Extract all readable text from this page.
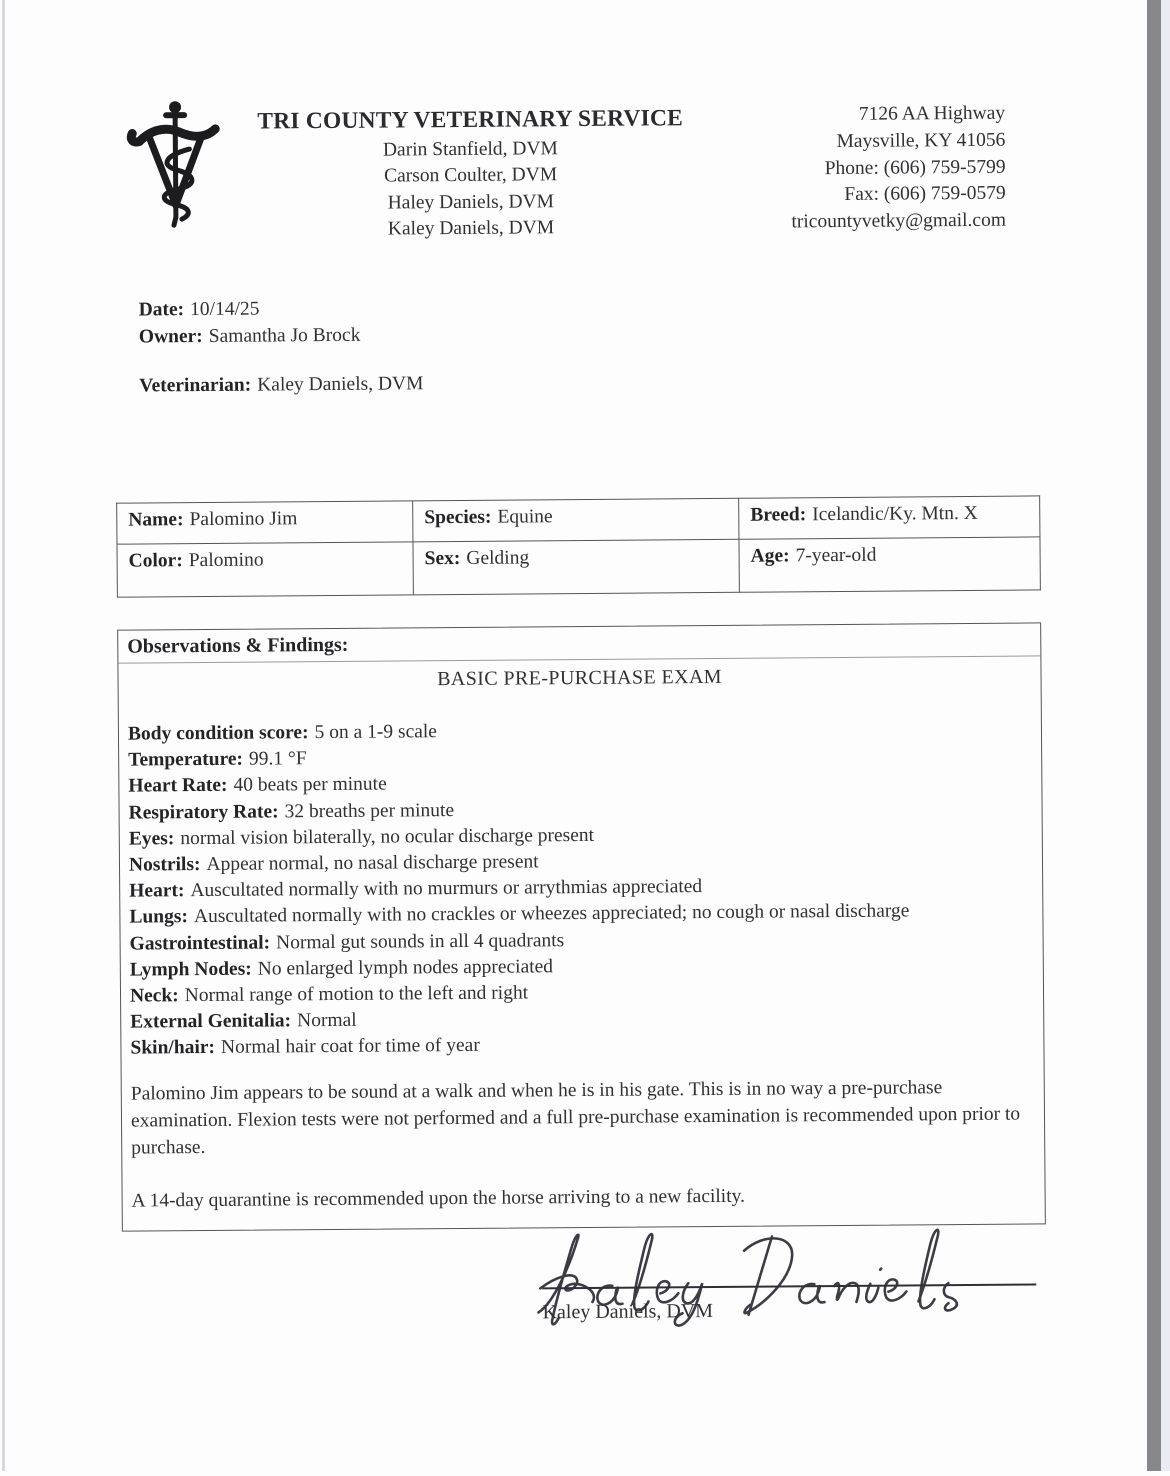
TRI COUNTY VETERINARY SERVICE
Darin Stanfield, DVM
Carson Coulter, DVM
Haley Daniels, DVM
Kaley Daniels, DVM
7126 AA Highway
Maysville, KY 41056
Phone: (606) 759-5799
Fax: (606) 759-0579
tricountyvetky@gmail.com
Date: 10/14/25
Owner: Samantha Jo Brock
Veterinarian: Kaley Daniels, DVM
Name: Palomino Jim	Species: Equine	Breed: Icelandic/Ky. Mtn. X
Color: Palomino	Sex: Gelding	Age: 7-year-old
Observations & Findings:
BASIC PRE-PURCHASE EXAM
Body condition score: 5 on a 1-9 scale
Temperature: 99.1 °F
Heart Rate: 40 beats per minute
Respiratory Rate: 32 breaths per minute
Eyes: normal vision bilaterally, no ocular discharge present
Nostrils: Appear normal, no nasal discharge present
Heart: Auscultated normally with no murmurs or arrythmias appreciated
Lungs: Auscultated normally with no crackles or wheezes appreciated; no cough or nasal discharge
Gastrointestinal: Normal gut sounds in all 4 quadrants
Lymph Nodes: No enlarged lymph nodes appreciated
Neck: Normal range of motion to the left and right
External Genitalia: Normal
Skin/hair: Normal hair coat for time of year
Palomino Jim appears to be sound at a walk and when he is in his gate. This is in no way a pre-purchase examination. Flexion tests were not performed and a full pre-purchase examination is recommended upon prior to purchase.
A 14-day quarantine is recommended upon the horse arriving to a new facility.
Kaley Daniels, DVM
